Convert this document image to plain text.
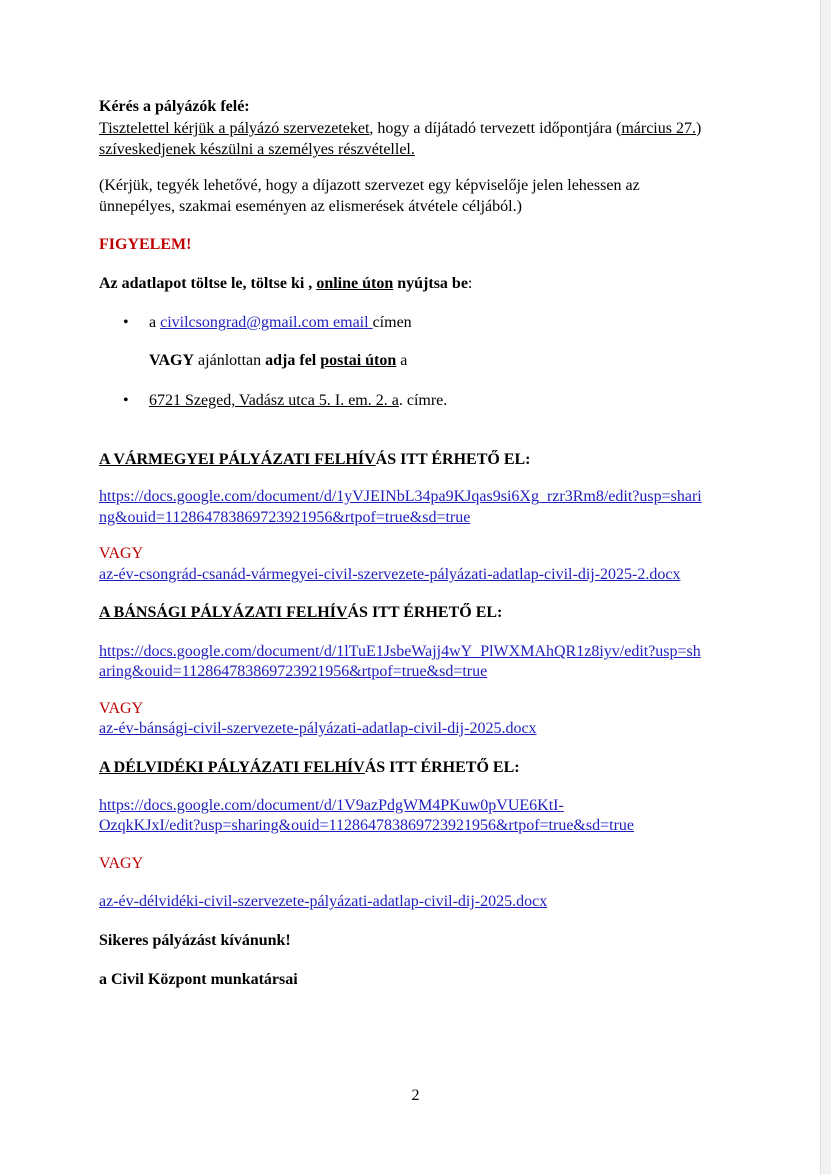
Kérés a pályázók felé:
Tisztelettel kérjük a pályázó szervezeteket, hogy a díjátadó tervezett időpontjára (március 27.)
szíveskedjenek készülni a személyes részvétellel.
(Kérjük, tegyék lehetővé, hogy a díjazott szervezet egy képviselője jelen lehessen az
ünnepélyes, szakmai eseményen az elismerések átvétele céljából.)
FIGYELEM!
Az adatlapot töltse le, töltse ki , online úton nyújtsa be:
• a civilcsongrad@gmail.com email címen
VAGY ajánlottan adja fel postai úton a
• 6721 Szeged, Vadász utca 5. I. em. 2. a. címre.
A VÁRMEGYEI PÁLYÁZATI FELHÍVÁS ITT ÉRHETŐ EL:
https://docs.google.com/document/d/1yVJEINbL34pa9KJqas9si6Xg_rzr3Rm8/edit?usp=shari
ng&ouid=112864783869723921956&rtpof=true&sd=true
VAGY
az-év-csongrád-csanád-vármegyei-civil-szervezete-pályázati-adatlap-civil-dij-2025-2.docx
A BÁNSÁGI PÁLYÁZATI FELHÍVÁS ITT ÉRHETŐ EL:
https://docs.google.com/document/d/1lTuE1JsbeWajj4wY_PlWXMAhQR1z8iyv/edit?usp=sh
aring&ouid=112864783869723921956&rtpof=true&sd=true
VAGY
az-év-bánsági-civil-szervezete-pályázati-adatlap-civil-dij-2025.docx
A DÉLVIDÉKI PÁLYÁZATI FELHÍVÁS ITT ÉRHETŐ EL:
https://docs.google.com/document/d/1V9azPdgWM4PKuw0pVUE6KtI-
OzqkKJxI/edit?usp=sharing&ouid=112864783869723921956&rtpof=true&sd=true
VAGY
az-év-délvidéki-civil-szervezete-pályázati-adatlap-civil-dij-2025.docx
Sikeres pályázást kívánunk!
a Civil Központ munkatársai
2
